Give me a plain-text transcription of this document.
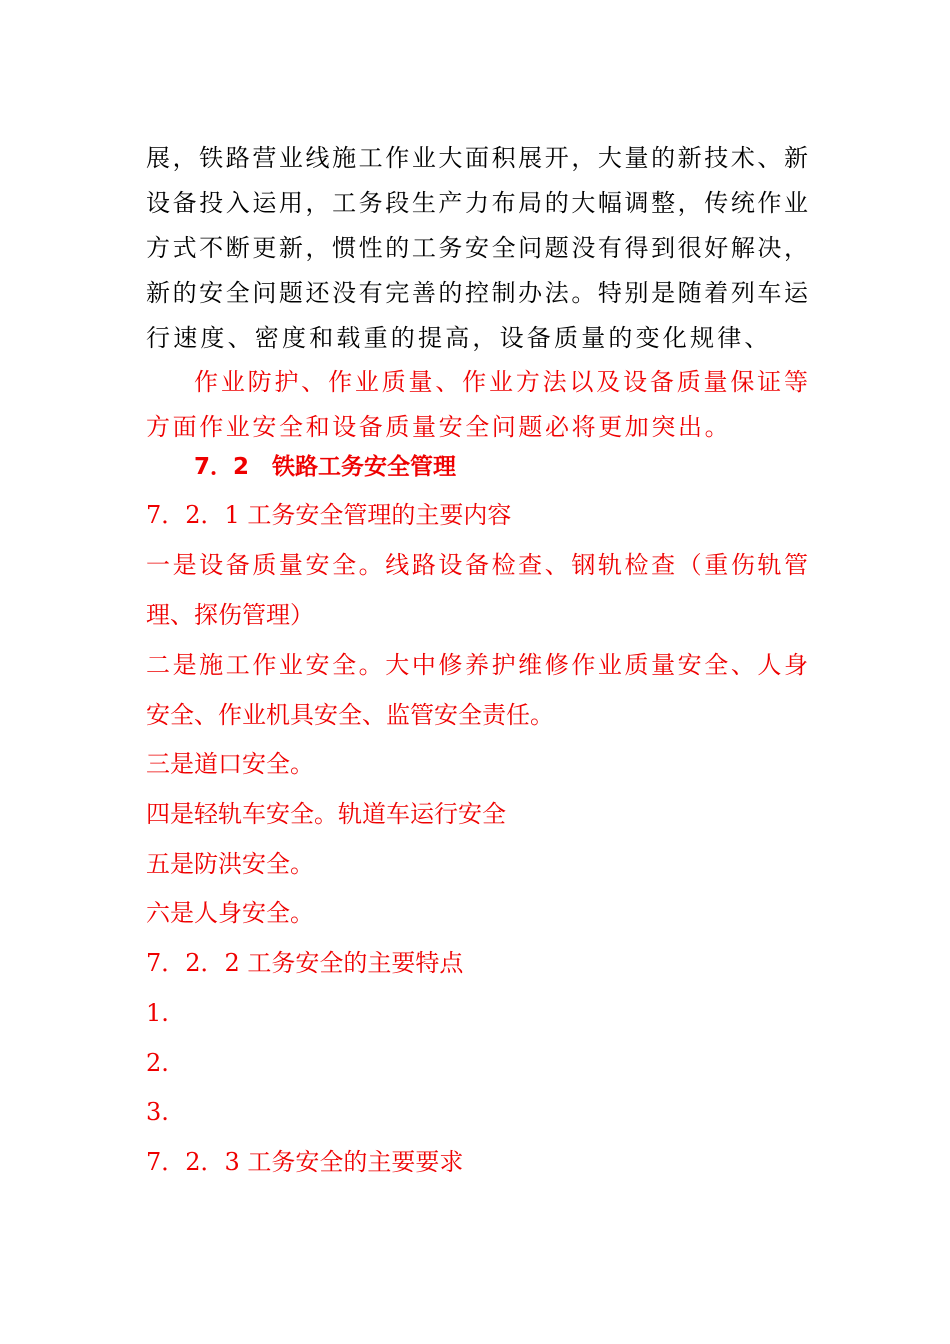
展，铁路营业线施工作业大面积展开，大量的新技术、新
设备投入运用，工务段生产力布局的大幅调整，传统作业
方式不断更新，惯性的工务安全问题没有得到很好解决，
新的安全问题还没有完善的控制办法。特别是随着列车运
行速度、密度和载重的提高，设备质量的变化规律、
作业防护、作业质量、作业方法以及设备质量保证等
方面作业安全和设备质量安全问题必将更加突出。
7．2　铁路工务安全管理
7．2．1 工务安全管理的主要内容
一是设备质量安全。线路设备检查、钢轨检查（重伤轨管
理、探伤管理）
二是施工作业安全。大中修养护维修作业质量安全、人身
安全、作业机具安全、监管安全责任。
三是道口安全。
四是轻轨车安全。轨道车运行安全
五是防洪安全。
六是人身安全。
7．2．2 工务安全的主要特点
1.
2.
3.
7．2．3 工务安全的主要要求
